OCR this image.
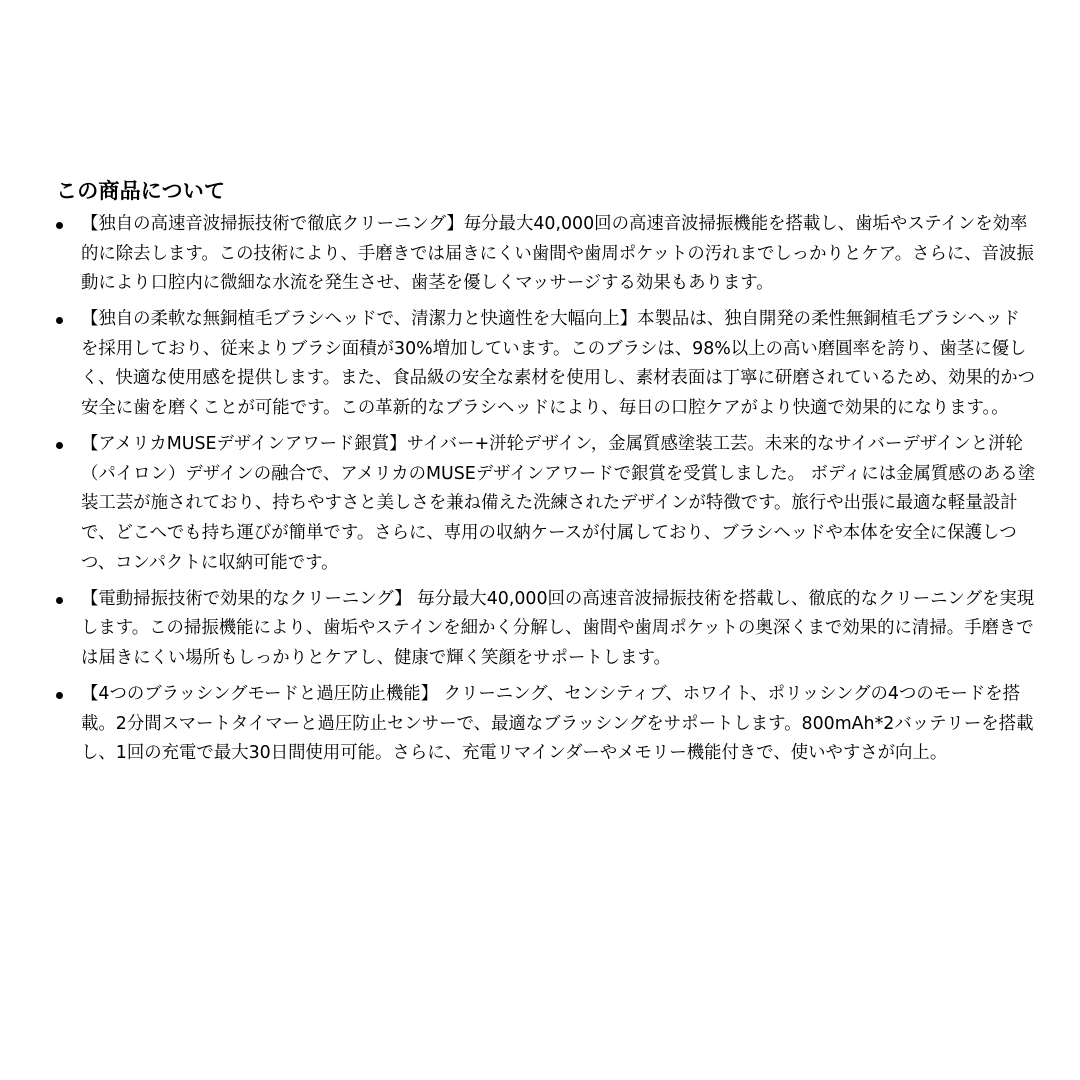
この商品について
【独自の高速音波掃振技術で徹底クリーニング】毎分最大40,000回の高速音波掃振機能を搭載し、歯垢やステインを効率的に除去します。この技術により、手磨きでは届きにくい歯間や歯周ポケットの汚れまでしっかりとケア。さらに、音波振動により口腔内に微細な水流を発生させ、歯茎を優しくマッサージする効果もあります。
【独自の柔軟な無銅植毛ブラシヘッドで、清潔力と快適性を大幅向上】本製品は、独自開発の柔性無銅植毛ブラシヘッドを採用しており、従来よりブラシ面積が30%増加しています。このブラシは、98%以上の高い磨圓率を誇り、歯茎に優しく、快適な使用感を提供します。また、食品級の安全な素材を使用し、素材表面は丁寧に研磨されているため、効果的かつ安全に歯を磨くことが可能です。この革新的なブラシヘッドにより、毎日の口腔ケアがより快適で効果的になります。。
【アメリカMUSEデザインアワード銀賞】サイバー+洴轮デザイン，金属質感塗装工芸。未来的なサイバーデザインと洴轮（パイロン）デザインの融合で、アメリカのMUSEデザインアワードで銀賞を受賞しました。 ボディには金属質感のある塗装工芸が施されており、持ちやすさと美しさを兼ね備えた洗練されたデザインが特徴です。旅行や出張に最適な軽量設計で、どこへでも持ち運びが簡単です。さらに、専用の収納ケースが付属しており、ブラシヘッドや本体を安全に保護しつつ、コンパクトに収納可能です。
【電動掃振技術で効果的なクリーニング】 毎分最大40,000回の高速音波掃振技術を搭載し、徹底的なクリーニングを実現します。この掃振機能により、歯垢やステインを細かく分解し、歯間や歯周ポケットの奥深くまで効果的に清掃。手磨きでは届きにくい場所もしっかりとケアし、健康で輝く笑顔をサポートします。
【4つのブラッシングモードと過圧防止機能】 クリーニング、センシティブ、ホワイト、ポリッシングの4つのモードを搭載。2分間スマートタイマーと過圧防止センサーで、最適なブラッシングをサポートします。800mAh*2バッテリーを搭載し、1回の充電で最大30日間使用可能。さらに、充電リマインダーやメモリー機能付きで、使いやすさが向上。
